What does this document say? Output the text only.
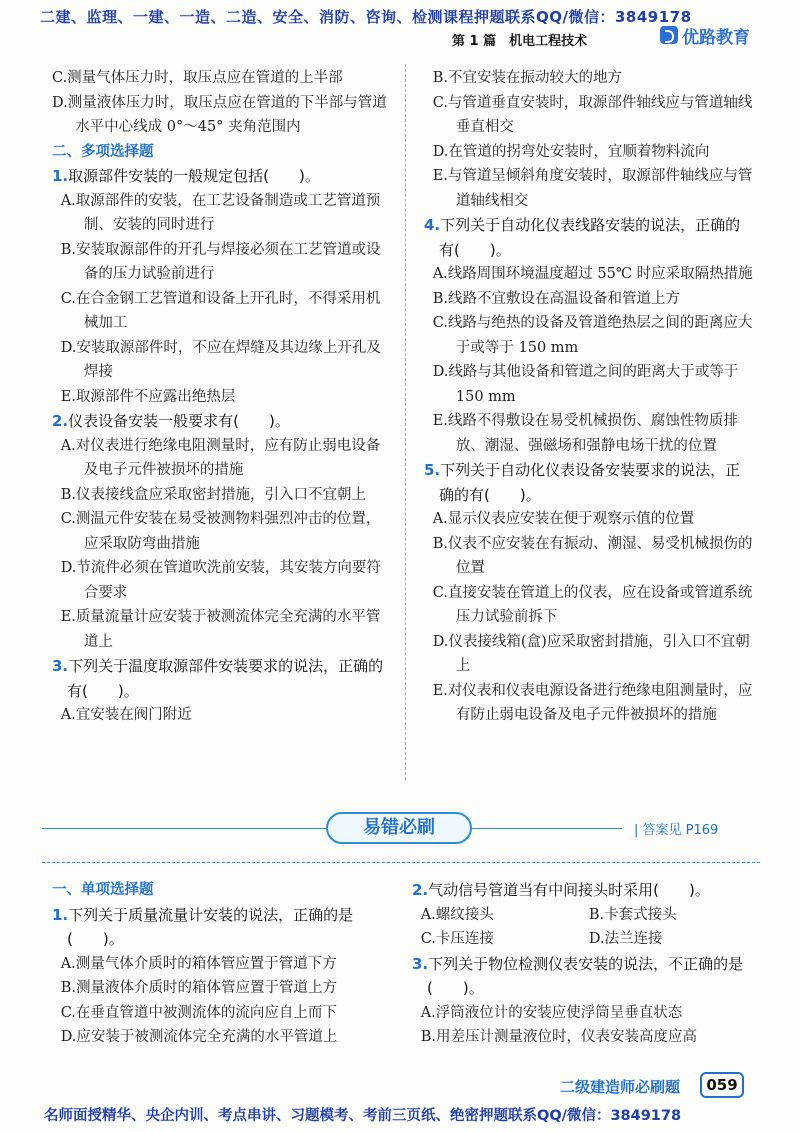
二建、监理、一建、一造、二造、安全、消防、咨询、检测课程押题联系QQ/微信：3849178
第 1 篇　机电工程技术	优路教育

C.测量气体压力时，取压点应在管道的上半部

D.测量液体压力时，取压点应在管道的下半部与管道水平中心线成 0°～45° 夹角范围内

二、多项选择题

1.取源部件安装的一般规定包括(　　)。

A.取源部件的安装，在工艺设备制造或工艺管道预制、安装的同时进行

B.安装取源部件的开孔与焊接必须在工艺管道或设备的压力试验前进行

C.在合金钢工艺管道和设备上开孔时，不得采用机械加工

D.安装取源部件时，不应在焊缝及其边缘上开孔及焊接

E.取源部件不应露出绝热层

2.仪表设备安装一般要求有(　　)。

A.对仪表进行绝缘电阻测量时，应有防止弱电设备及电子元件被损坏的措施

B.仪表接线盒应采取密封措施，引入口不宜朝上

C.测温元件安装在易受被测物料强烈冲击的位置，应采取防弯曲措施

D.节流件必须在管道吹洗前安装，其安装方向要符合要求

E.质量流量计应安装于被测流体完全充满的水平管道上

3.下列关于温度取源部件安装要求的说法，正确的有(　　)。

A.宜安装在阀门附近

B.不宜安装在振动较大的地方

C.与管道垂直安装时，取源部件轴线应与管道轴线垂直相交

D.在管道的拐弯处安装时，宜顺着物料流向

E.与管道呈倾斜角度安装时，取源部件轴线应与管道轴线相交

4.下列关于自动化仪表线路安装的说法，正确的有(　　)。

A.线路周围环境温度超过 55℃ 时应采取隔热措施

B.线路不宜敷设在高温设备和管道上方

C.线路与绝热的设备及管道绝热层之间的距离应大于或等于 150 mm

D.线路与其他设备和管道之间的距离大于或等于 150 mm

E.线路不得敷设在易受机械损伤、腐蚀性物质排放、潮湿、强磁场和强静电场干扰的位置

5.下列关于自动化仪表设备安装要求的说法，正确的有(　　)。

A.显示仪表应安装在便于观察示值的位置

B.仪表不应安装在有振动、潮湿、易受机械损伤的位置

C.直接安装在管道上的仪表，应在设备或管道系统压力试验前拆下

D.仪表接线箱(盒)应采取密封措施，引入口不宜朝上

E.对仪表和仪表电源设备进行绝缘电阻测量时，应有防止弱电设备及电子元件被损坏的措施

易错必刷	| 答案见 P169

一、单项选择题

1.下列关于质量流量计安装的说法，正确的是(　　)。

A.测量气体介质时的箱体管应置于管道下方

B.测量液体介质时的箱体管应置于管道上方

C.在垂直管道中被测流体的流向应自上而下

D.应安装于被测流体完全充满的水平管道上

2.气动信号管道当有中间接头时采用(　　)。

A.螺纹接头	B.卡套式接头

C.卡压连接	D.法兰连接

3.下列关于物位检测仪表安装的说法，不正确的是(　　)。

A.浮筒液位计的安装应使浮筒呈垂直状态

B.用差压计测量液位时，仪表安装高度应高

二级建造师必刷题	059
名师面授精华、央企内训、考点串讲、习题模考、考前三页纸、绝密押题联系QQ/微信：3849178
